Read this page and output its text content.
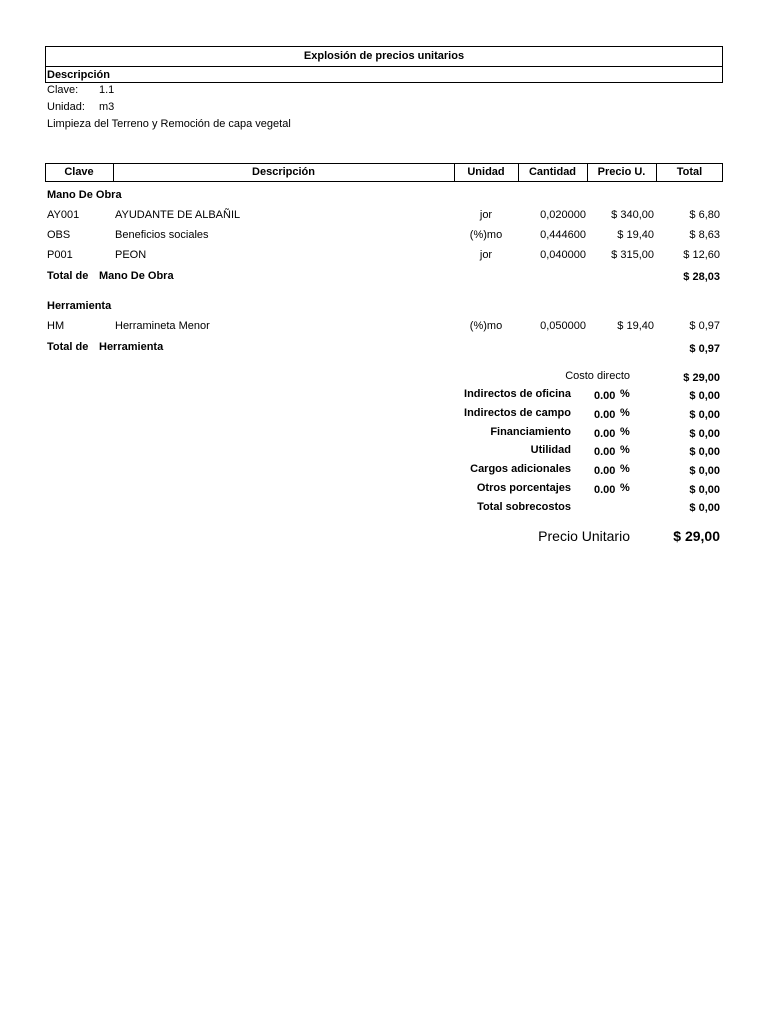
Explosión de precios unitarios
Descripción
Clave: 1.1
Unidad: m3
Limpieza del Terreno y Remoción de capa vegetal
Clave	Descripción	Unidad	Cantidad	Precio U.	Total
Mano De Obra
AY001	AYUDANTE DE ALBAÑIL	jor	0,020000	$ 340,00	$ 6,80
OBS	Beneficios sociales	(%)mo	0,444600	$ 19,40	$ 8,63
P001	PEON	jor	0,040000	$ 315,00	$ 12,60
Total de Mano De Obra	$ 28,03
Herramienta
HM	Herramineta Menor	(%)mo	0,050000	$ 19,40	$ 0,97
Total de Herramienta	$ 0,97
Costo directo	$ 29,00
Indirectos de oficina 0.00 %	$ 0,00
Indirectos de campo 0.00 %	$ 0,00
Financiamiento 0.00 %	$ 0,00
Utilidad 0.00 %	$ 0,00
Cargos adicionales 0.00 %	$ 0,00
Otros porcentajes 0.00 %	$ 0,00
Total sobrecostos	$ 0,00
Precio Unitario	$ 29,00
